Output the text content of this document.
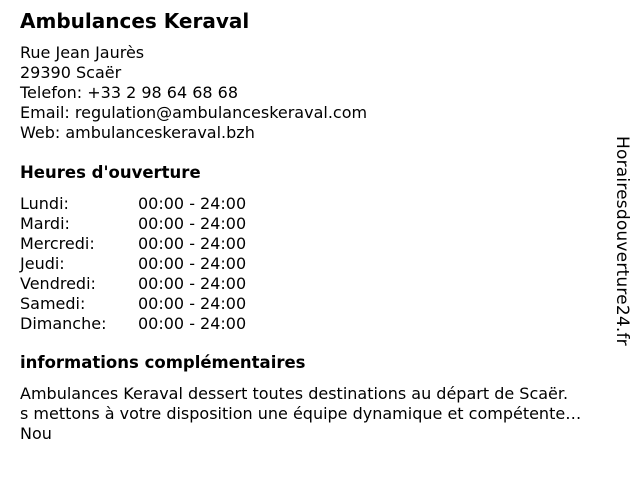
Ambulances Keraval
Rue Jean Jaurès
29390 Scaër
Telefon: +33 2 98 64 68 68
Email: regulation@ambulanceskeraval.com
Web: ambulanceskeraval.bzh
Heures d'ouverture
Lundi:	00:00 - 24:00
Mardi:	00:00 - 24:00
Mercredi:	00:00 - 24:00
Jeudi:	00:00 - 24:00
Vendredi:	00:00 - 24:00
Samedi:	00:00 - 24:00
Dimanche:	00:00 - 24:00
informations complémentaires
Ambulances Keraval dessert toutes destinations au départ de Scaër.
s mettons à votre disposition une équipe dynamique et compétente…
Nou
Horairesdouverture24.fr
